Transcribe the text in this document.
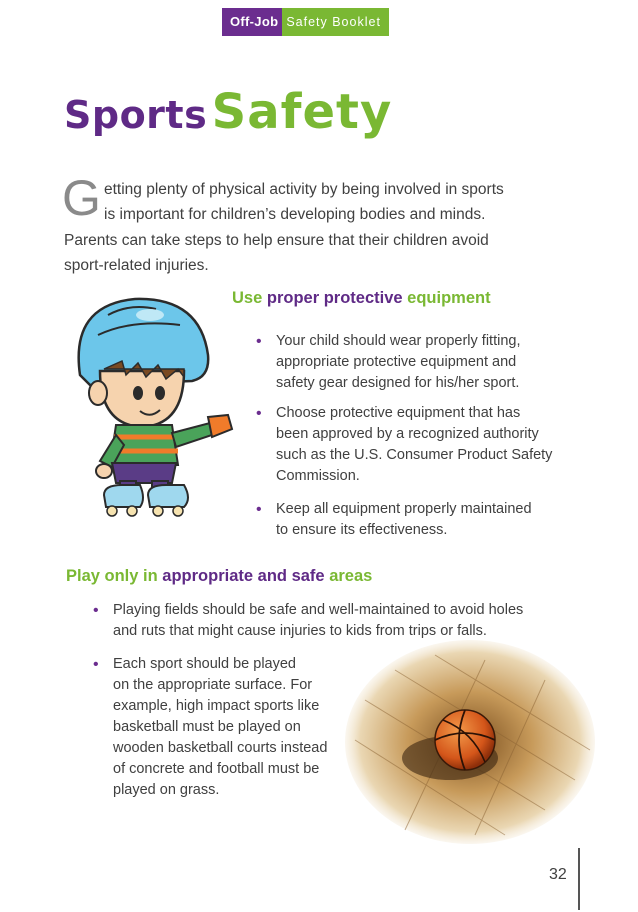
Off-Job Safety Booklet
Sports Safety
G etting plenty of physical activity by being involved in sports
is important for children’s developing bodies and minds.
Parents can take steps to help ensure that their children avoid
sport-related injuries.
Use proper protective equipment
• Your child should wear properly fitting,
appropriate protective equipment and
safety gear designed for his/her sport.
• Choose protective equipment that has
been approved by a recognized authority
such as the U.S. Consumer Product Safety
Commission.
• Keep all equipment properly maintained
to ensure its effectiveness.
Play only in appropriate and safe areas
• Playing fields should be safe and well-maintained to avoid holes
and ruts that might cause injuries to kids from trips or falls.
• Each sport should be played
on the appropriate surface. For
example, high impact sports like
basketball must be played on
wooden basketball courts instead
of concrete and football must be
played on grass.
32
